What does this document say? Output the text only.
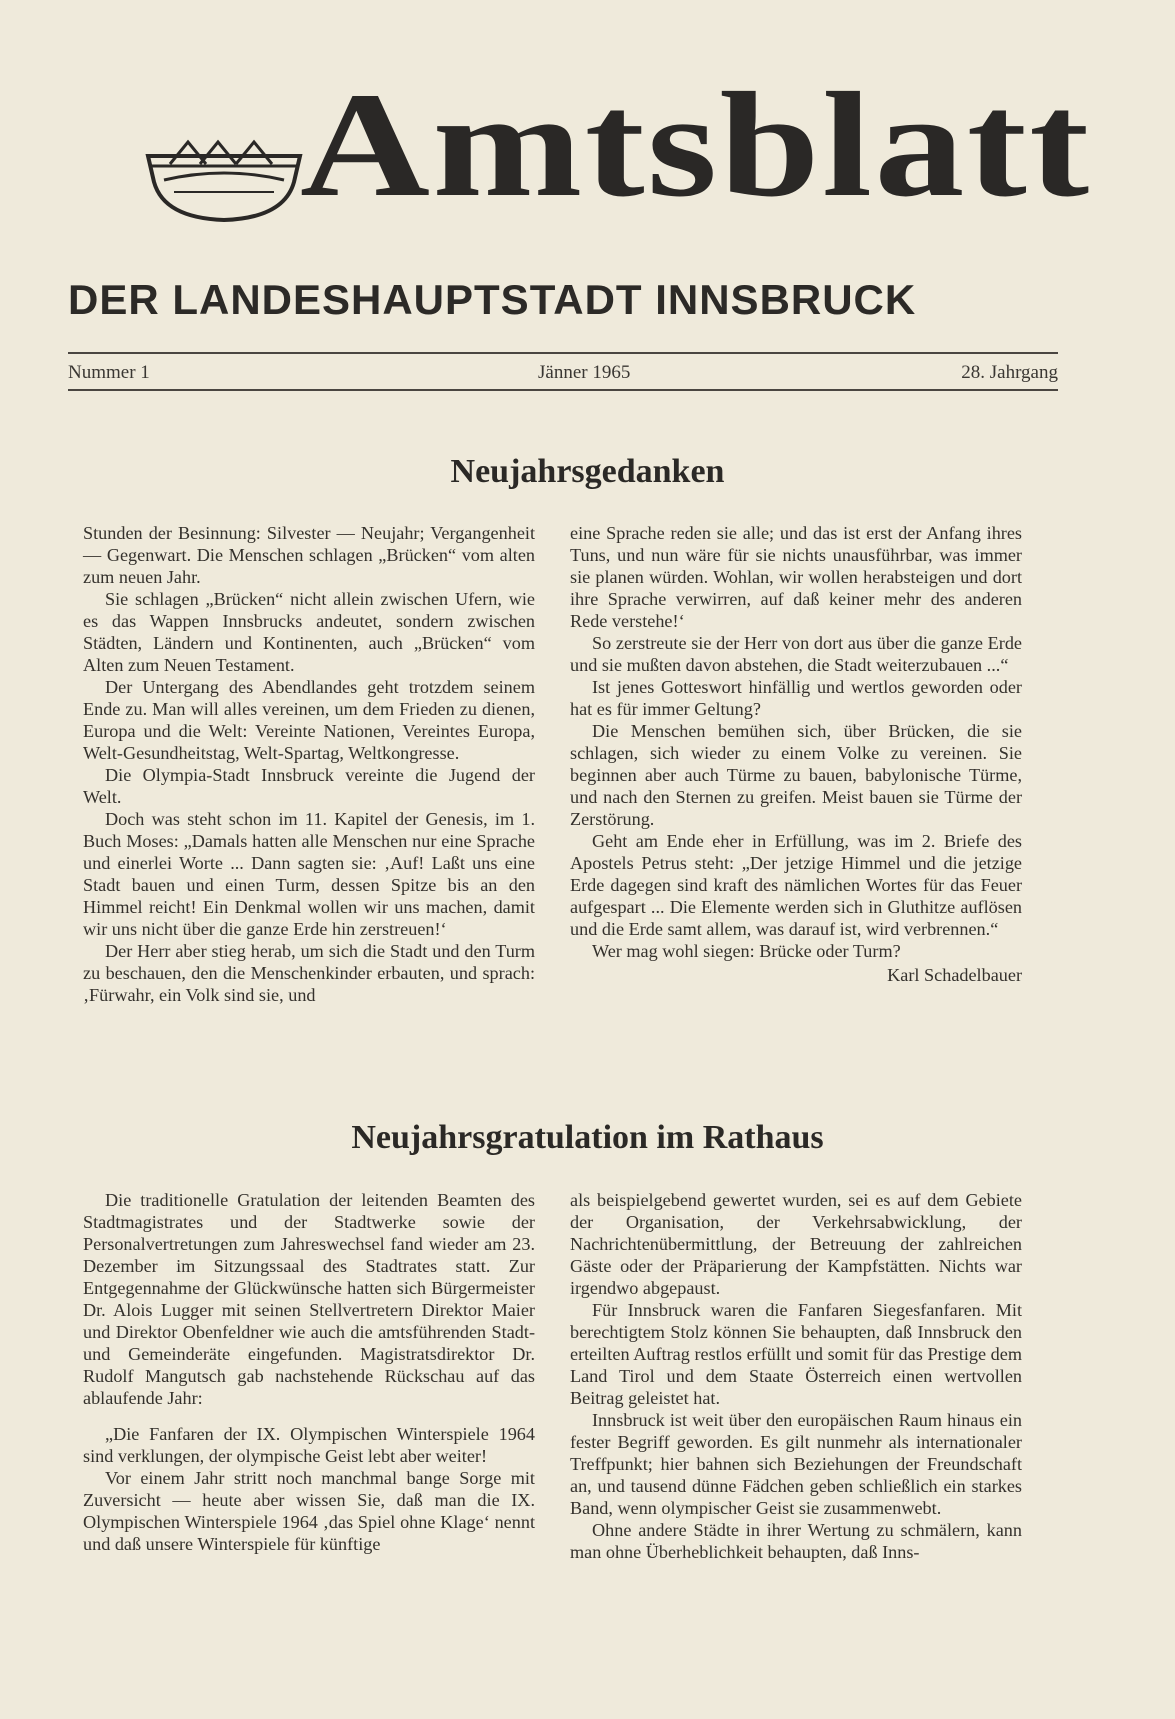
Amtsblatt
DER LANDESHAUPTSTADT INNSBRUCK
Nummer 1	Jänner 1965	28. Jahrgang
Neujahrsgedanken

Stunden der Besinnung: Silvester — Neujahr; Vergangenheit — Gegenwart. Die Menschen schlagen „Brücken“ vom alten zum neuen Jahr.

Sie schlagen „Brücken“ nicht allein zwischen Ufern, wie es das Wappen Innsbrucks andeutet, sondern zwischen Städten, Ländern und Kontinenten, auch „Brücken“ vom Alten zum Neuen Testament.

Der Untergang des Abendlandes geht trotzdem seinem Ende zu. Man will alles vereinen, um dem Frieden zu dienen, Europa und die Welt: Vereinte Nationen, Vereintes Europa, Welt-Gesundheitstag, Welt-Spartag, Weltkongresse.

Die Olympia-Stadt Innsbruck vereinte die Jugend der Welt.

Doch was steht schon im 11. Kapitel der Genesis, im 1. Buch Moses: „Damals hatten alle Menschen nur eine Sprache und einerlei Worte ... Dann sagten sie: ‚Auf! Laßt uns eine Stadt bauen und einen Turm, dessen Spitze bis an den Himmel reicht! Ein Denkmal wollen wir uns machen, damit wir uns nicht über die ganze Erde hin zerstreuen!‘

Der Herr aber stieg herab, um sich die Stadt und den Turm zu beschauen, den die Menschenkinder erbauten, und sprach: ‚Fürwahr, ein Volk sind sie, und

eine Sprache reden sie alle; und das ist erst der Anfang ihres Tuns, und nun wäre für sie nichts unausführbar, was immer sie planen würden. Wohlan, wir wollen herabsteigen und dort ihre Sprache verwirren, auf daß keiner mehr des anderen Rede verstehe!‘

So zerstreute sie der Herr von dort aus über die ganze Erde und sie mußten davon abstehen, die Stadt weiterzubauen ...“

Ist jenes Gotteswort hinfällig und wertlos geworden oder hat es für immer Geltung?

Die Menschen bemühen sich, über Brücken, die sie schlagen, sich wieder zu einem Volke zu vereinen. Sie beginnen aber auch Türme zu bauen, babylonische Türme, und nach den Sternen zu greifen. Meist bauen sie Türme der Zerstörung.

Geht am Ende eher in Erfüllung, was im 2. Briefe des Apostels Petrus steht: „Der jetzige Himmel und die jetzige Erde dagegen sind kraft des nämlichen Wortes für das Feuer aufgespart ... Die Elemente werden sich in Gluthitze auflösen und die Erde samt allem, was darauf ist, wird verbrennen.“

Wer mag wohl siegen: Brücke oder Turm?

Karl Schadelbauer

Neujahrsgratulation im Rathaus

Die traditionelle Gratulation der leitenden Beamten des Stadtmagistrates und der Stadtwerke sowie der Personalvertretungen zum Jahreswechsel fand wieder am 23. Dezember im Sitzungssaal des Stadtrates statt. Zur Entgegennahme der Glückwünsche hatten sich Bürgermeister Dr. Alois Lugger mit seinen Stellvertretern Direktor Maier und Direktor Obenfeldner wie auch die amtsführenden Stadt- und Gemeinderäte eingefunden. Magistratsdirektor Dr. Rudolf Mangutsch gab nachstehende Rückschau auf das ablaufende Jahr:

„Die Fanfaren der IX. Olympischen Winterspiele 1964 sind verklungen, der olympische Geist lebt aber weiter!

Vor einem Jahr stritt noch manchmal bange Sorge mit Zuversicht — heute aber wissen Sie, daß man die IX. Olympischen Winterspiele 1964 ‚das Spiel ohne Klage‘ nennt und daß unsere Winterspiele für künftige

als beispielgebend gewertet wurden, sei es auf dem Gebiete der Organisation, der Verkehrsabwicklung, der Nachrichtenübermittlung, der Betreuung der zahlreichen Gäste oder der Präparierung der Kampfstätten. Nichts war irgendwo abgepaust.

Für Innsbruck waren die Fanfaren Siegesfanfaren. Mit berechtigtem Stolz können Sie behaupten, daß Innsbruck den erteilten Auftrag restlos erfüllt und somit für das Prestige dem Land Tirol und dem Staate Österreich einen wertvollen Beitrag geleistet hat.

Innsbruck ist weit über den europäischen Raum hinaus ein fester Begriff geworden. Es gilt nunmehr als internationaler Treffpunkt; hier bahnen sich Beziehungen der Freundschaft an, und tausend dünne Fädchen geben schließlich ein starkes Band, wenn olympischer Geist sie zusammenwebt.

Ohne andere Städte in ihrer Wertung zu schmälern, kann man ohne Überheblichkeit behaupten, daß Inns-
